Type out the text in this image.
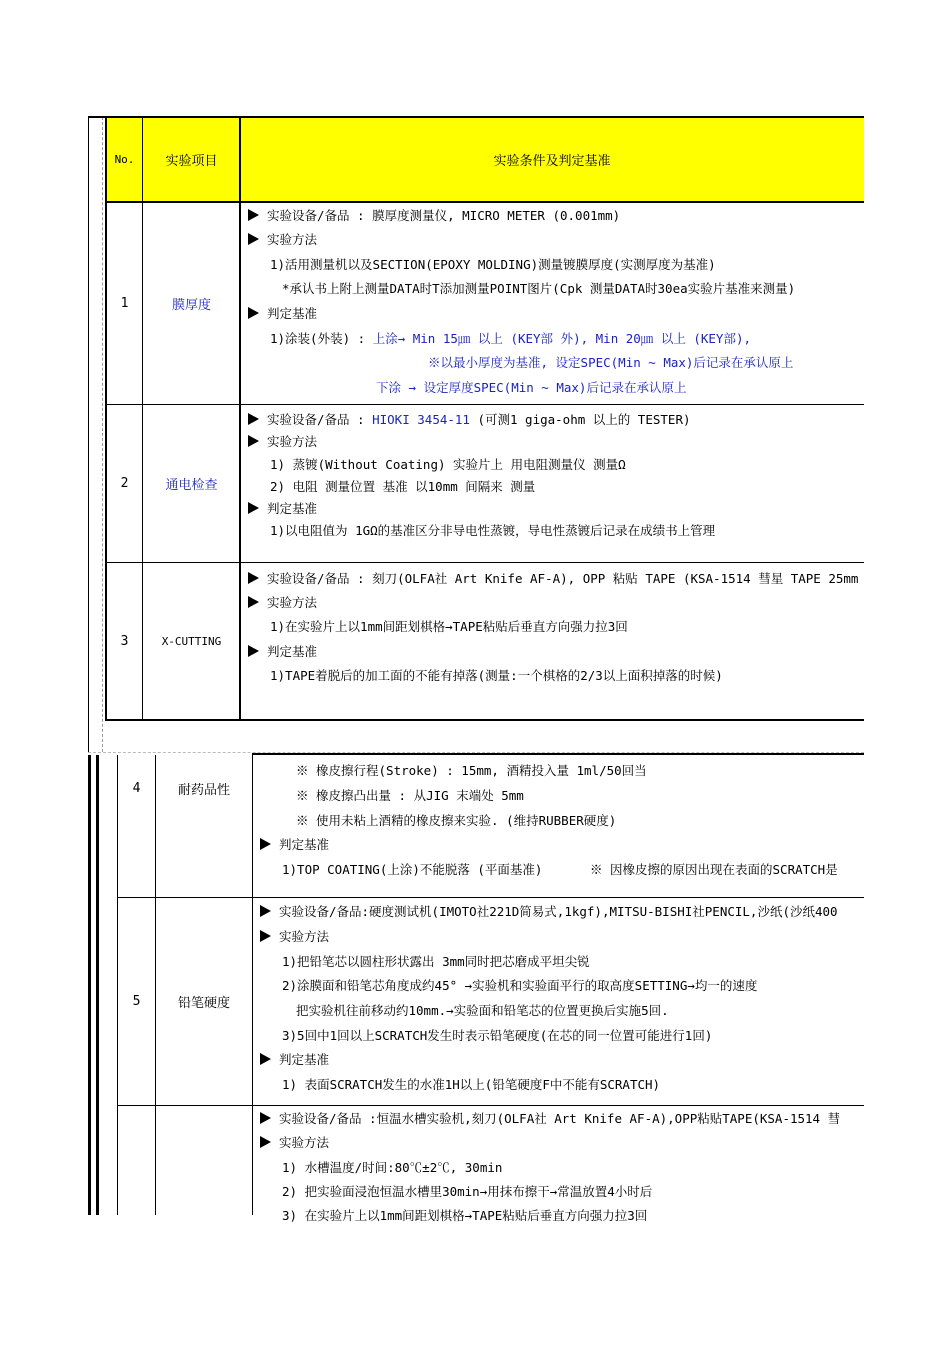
No.	实验项目	实验条件及判定基准
1	膜厚度
实验设备/备品 : 膜厚度测量仪, MICRO METER (0.001mm)
实验方法
1)活用测量机以及SECTION(EPOXY MOLDING)测量镀膜厚度(实测厚度为基准)
*承认书上附上测量DATA时T添加测量POINT图片(Cpk 测量DATA时30ea实验片基准来测量)
判定基准
1)涂装(外装) : 上涂→ Min 15㎛ 以上 (KEY部 外), Min 20㎛ 以上 (KEY部),
※以最小厚度为基准, 设定SPEC(Min ~ Max)后记录在承认原上
下涂 → 设定厚度SPEC(Min ~ Max)后记录在承认原上
2	通电检查
实验设备/备品 : HIOKI 3454-11 (可测1 giga-ohm 以上的 TESTER)
实验方法
1) 蒸镀(Without Coating) 实验片上 用电阻测量仪 测量Ω
2) 电阻 测量位置 基准 以10mm 间隔来 测量
判定基准
1)以电阻值为 1GΩ的基准区分非导电性蒸镀，导电性蒸镀后记录在成绩书上管理
3	X-CUTTING
实验设备/备品 : 刻刀(OLFA社 Art Knife AF-A), OPP 粘贴 TAPE (KSA-1514 彗星 TAPE 25mm
实验方法
1)在实验片上以1mm间距划棋格→TAPE粘贴后垂直方向强力拉3回
判定基准
1)TAPE着脱后的加工面的不能有掉落(测量:一个棋格的2/3以上面积掉落的时候)
4	耐药品性
※ 橡皮擦行程(Stroke) : 15mm, 酒精投入量 1ml/50回当
※ 橡皮擦凸出量 : 从JIG 末端处 5mm
※ 使用未粘上酒精的橡皮擦来实验. (维持RUBBER硬度)
判定基准
1)TOP COATING(上涂)不能脱落 (平面基准)	※ 因橡皮擦的原因出现在表面的SCRATCH是
5	铅笔硬度
实验设备/备品:硬度测试机(IMOTO社221D简易式,1kgf),MITSU-BISHI社PENCIL,沙纸(沙纸400
实验方法
1)把铅笔芯以圆柱形状露出 3mm同时把芯磨成平坦尖锐
2)涂膜面和铅笔芯角度成约45° →实验机和实验面平行的取高度SETTING→均一的速度
把实验机往前移动约10mm.→实验面和铅笔芯的位置更换后实施5回.
3)5回中1回以上SCRATCH发生时表示铅笔硬度(在芯的同一位置可能进行1回)
判定基准
1) 表面SCRATCH发生的水准1H以上(铅笔硬度F中不能有SCRATCH)
实验设备/备品 :恒温水槽实验机,刻刀(OLFA社 Art Knife AF-A),OPP粘贴TAPE(KSA-1514 彗
实验方法
1) 水槽温度/时间:80℃±2℃, 30min
2) 把实验面浸泡恒温水槽里30min→用抹布擦干→常温放置4小时后
3) 在实验片上以1mm间距划棋格→TAPE粘贴后垂直方向强力拉3回
